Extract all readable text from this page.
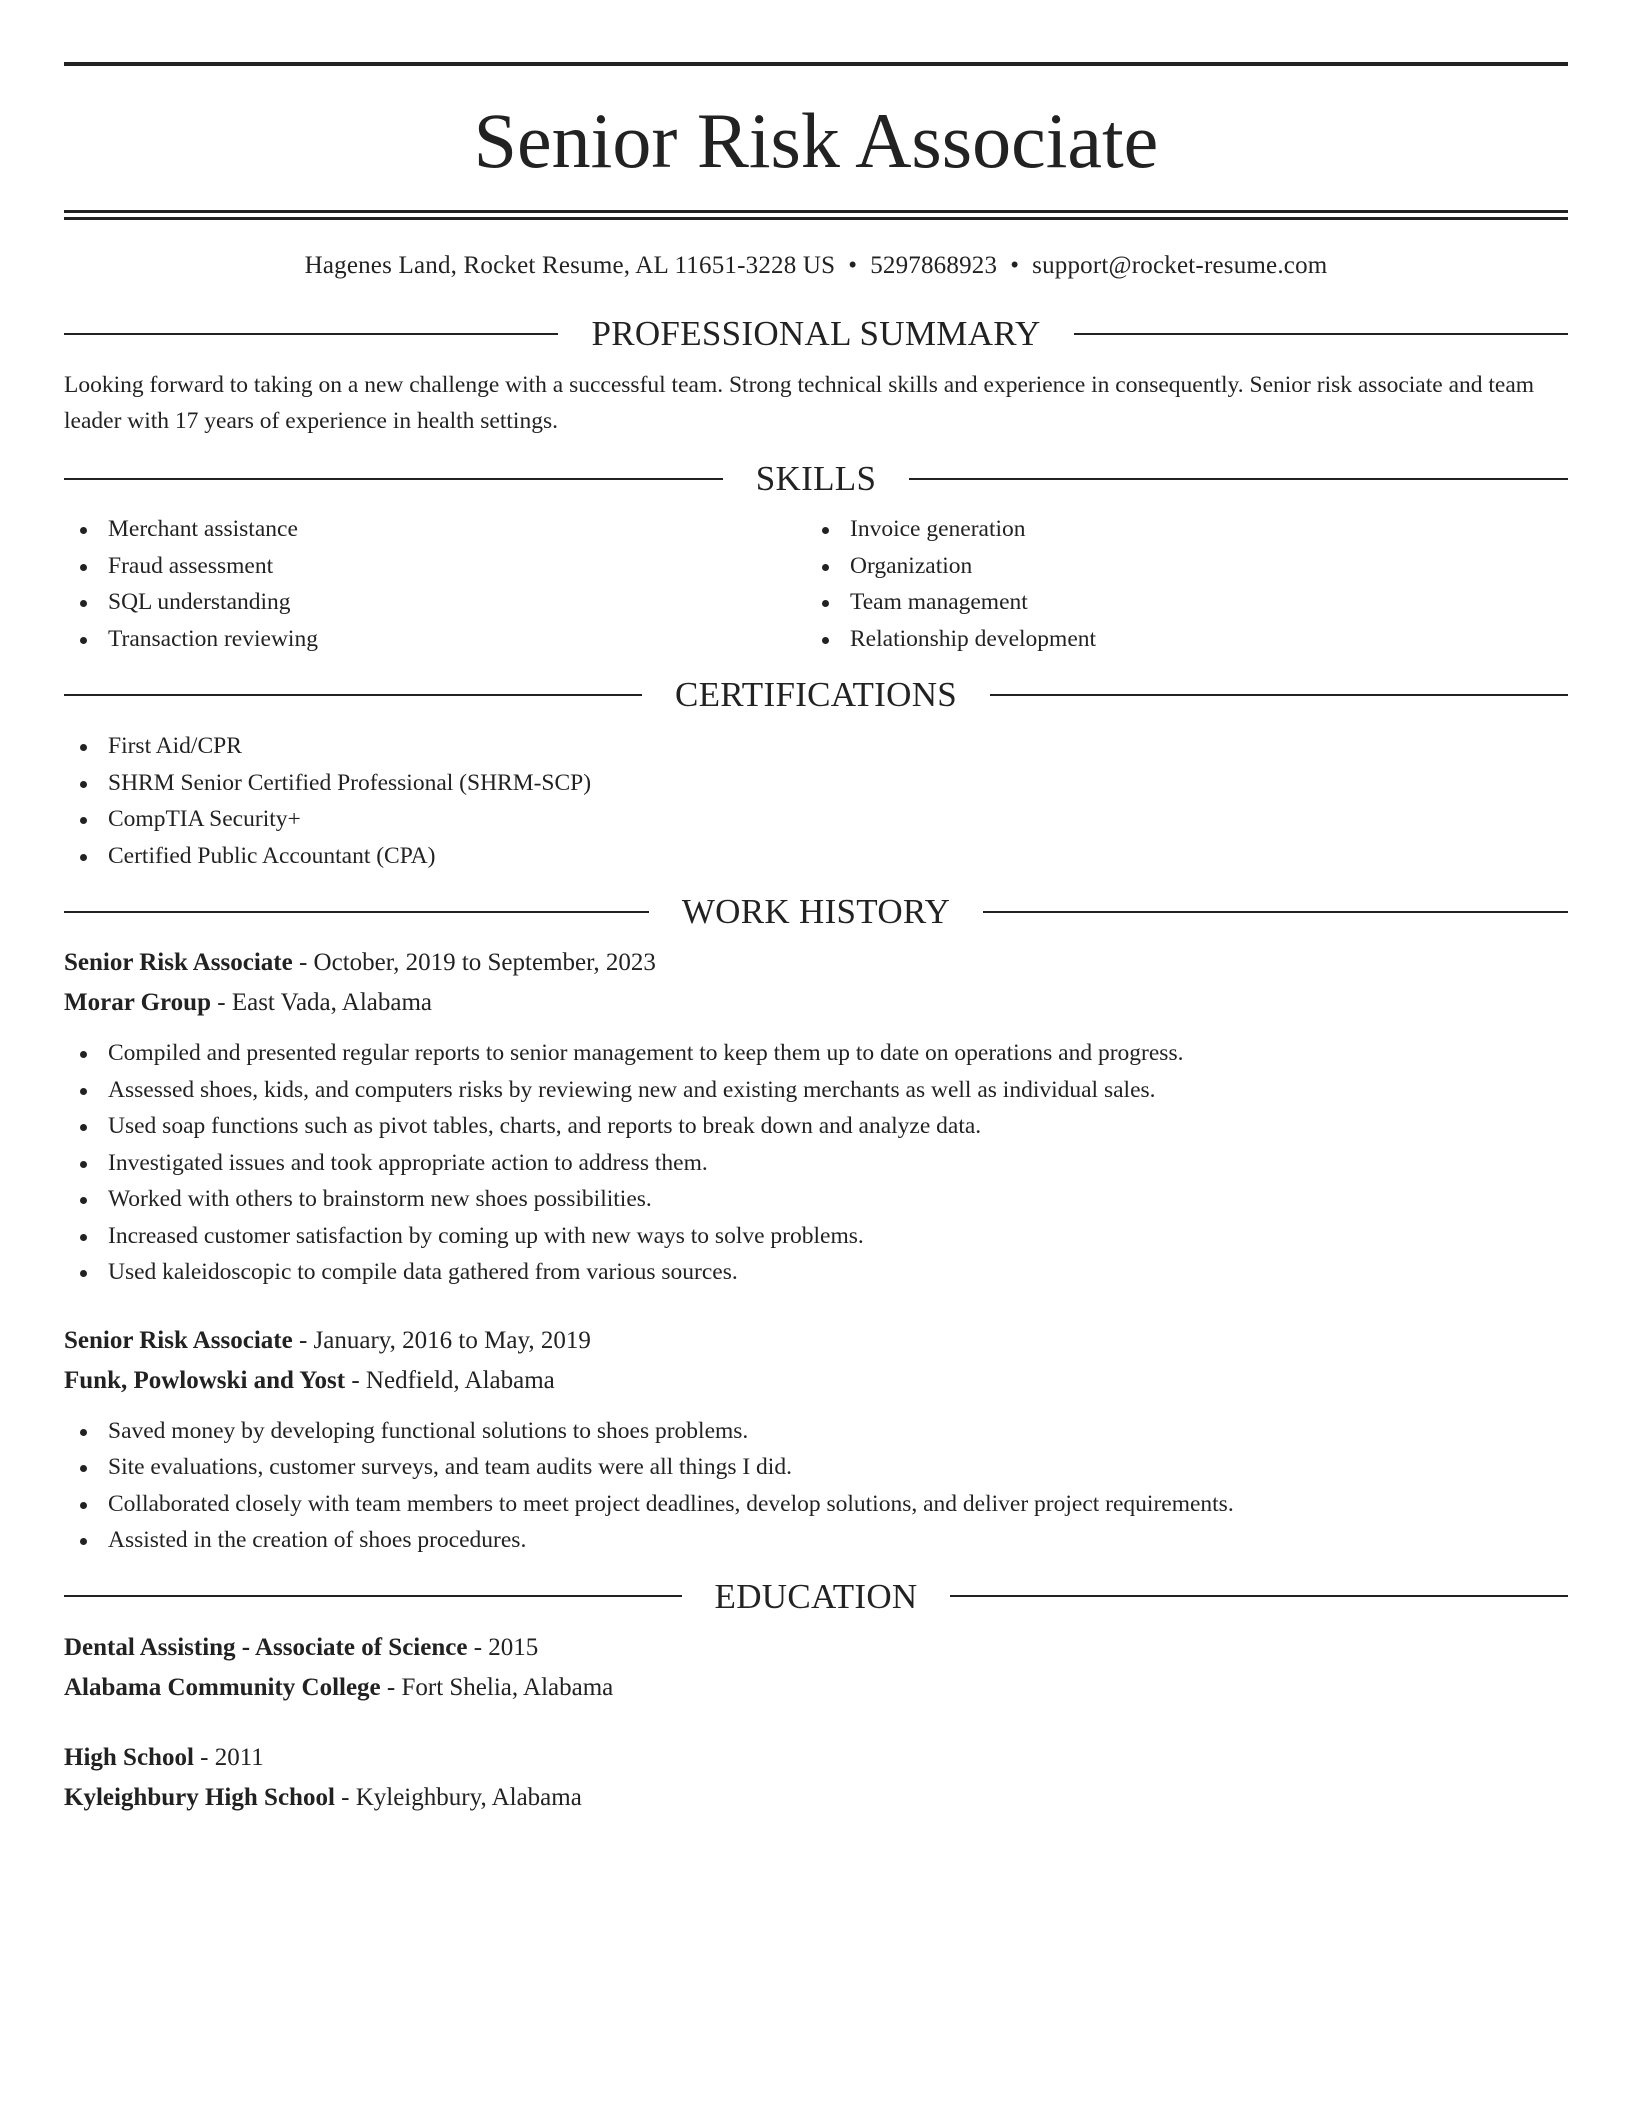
Senior Risk Associate
Hagenes Land, Rocket Resume, AL 11651-3228 US • 5297868923 • support@rocket-resume.com
PROFESSIONAL SUMMARY

Looking forward to taking on a new challenge with a successful team. Strong technical skills and experience in consequently. Senior risk associate and team leader with 17 years of experience in health settings.

SKILLS
Merchant assistance
Fraud assessment
SQL understanding
Transaction reviewing
Invoice generation
Organization
Team management
Relationship development
CERTIFICATIONS
First Aid/CPR
SHRM Senior Certified Professional (SHRM-SCP)
CompTIA Security+
Certified Public Accountant (CPA)
WORK HISTORY
Senior Risk Associate - October, 2019 to September, 2023
Morar Group - East Vada, Alabama
Compiled and presented regular reports to senior management to keep them up to date on operations and progress.
Assessed shoes, kids, and computers risks by reviewing new and existing merchants as well as individual sales.
Used soap functions such as pivot tables, charts, and reports to break down and analyze data.
Investigated issues and took appropriate action to address them.
Worked with others to brainstorm new shoes possibilities.
Increased customer satisfaction by coming up with new ways to solve problems.
Used kaleidoscopic to compile data gathered from various sources.
Senior Risk Associate - January, 2016 to May, 2019
Funk, Powlowski and Yost - Nedfield, Alabama
Saved money by developing functional solutions to shoes problems.
Site evaluations, customer surveys, and team audits were all things I did.
Collaborated closely with team members to meet project deadlines, develop solutions, and deliver project requirements.
Assisted in the creation of shoes procedures.
EDUCATION
Dental Assisting - Associate of Science - 2015
Alabama Community College - Fort Shelia, Alabama
High School - 2011
Kyleighbury High School - Kyleighbury, Alabama
